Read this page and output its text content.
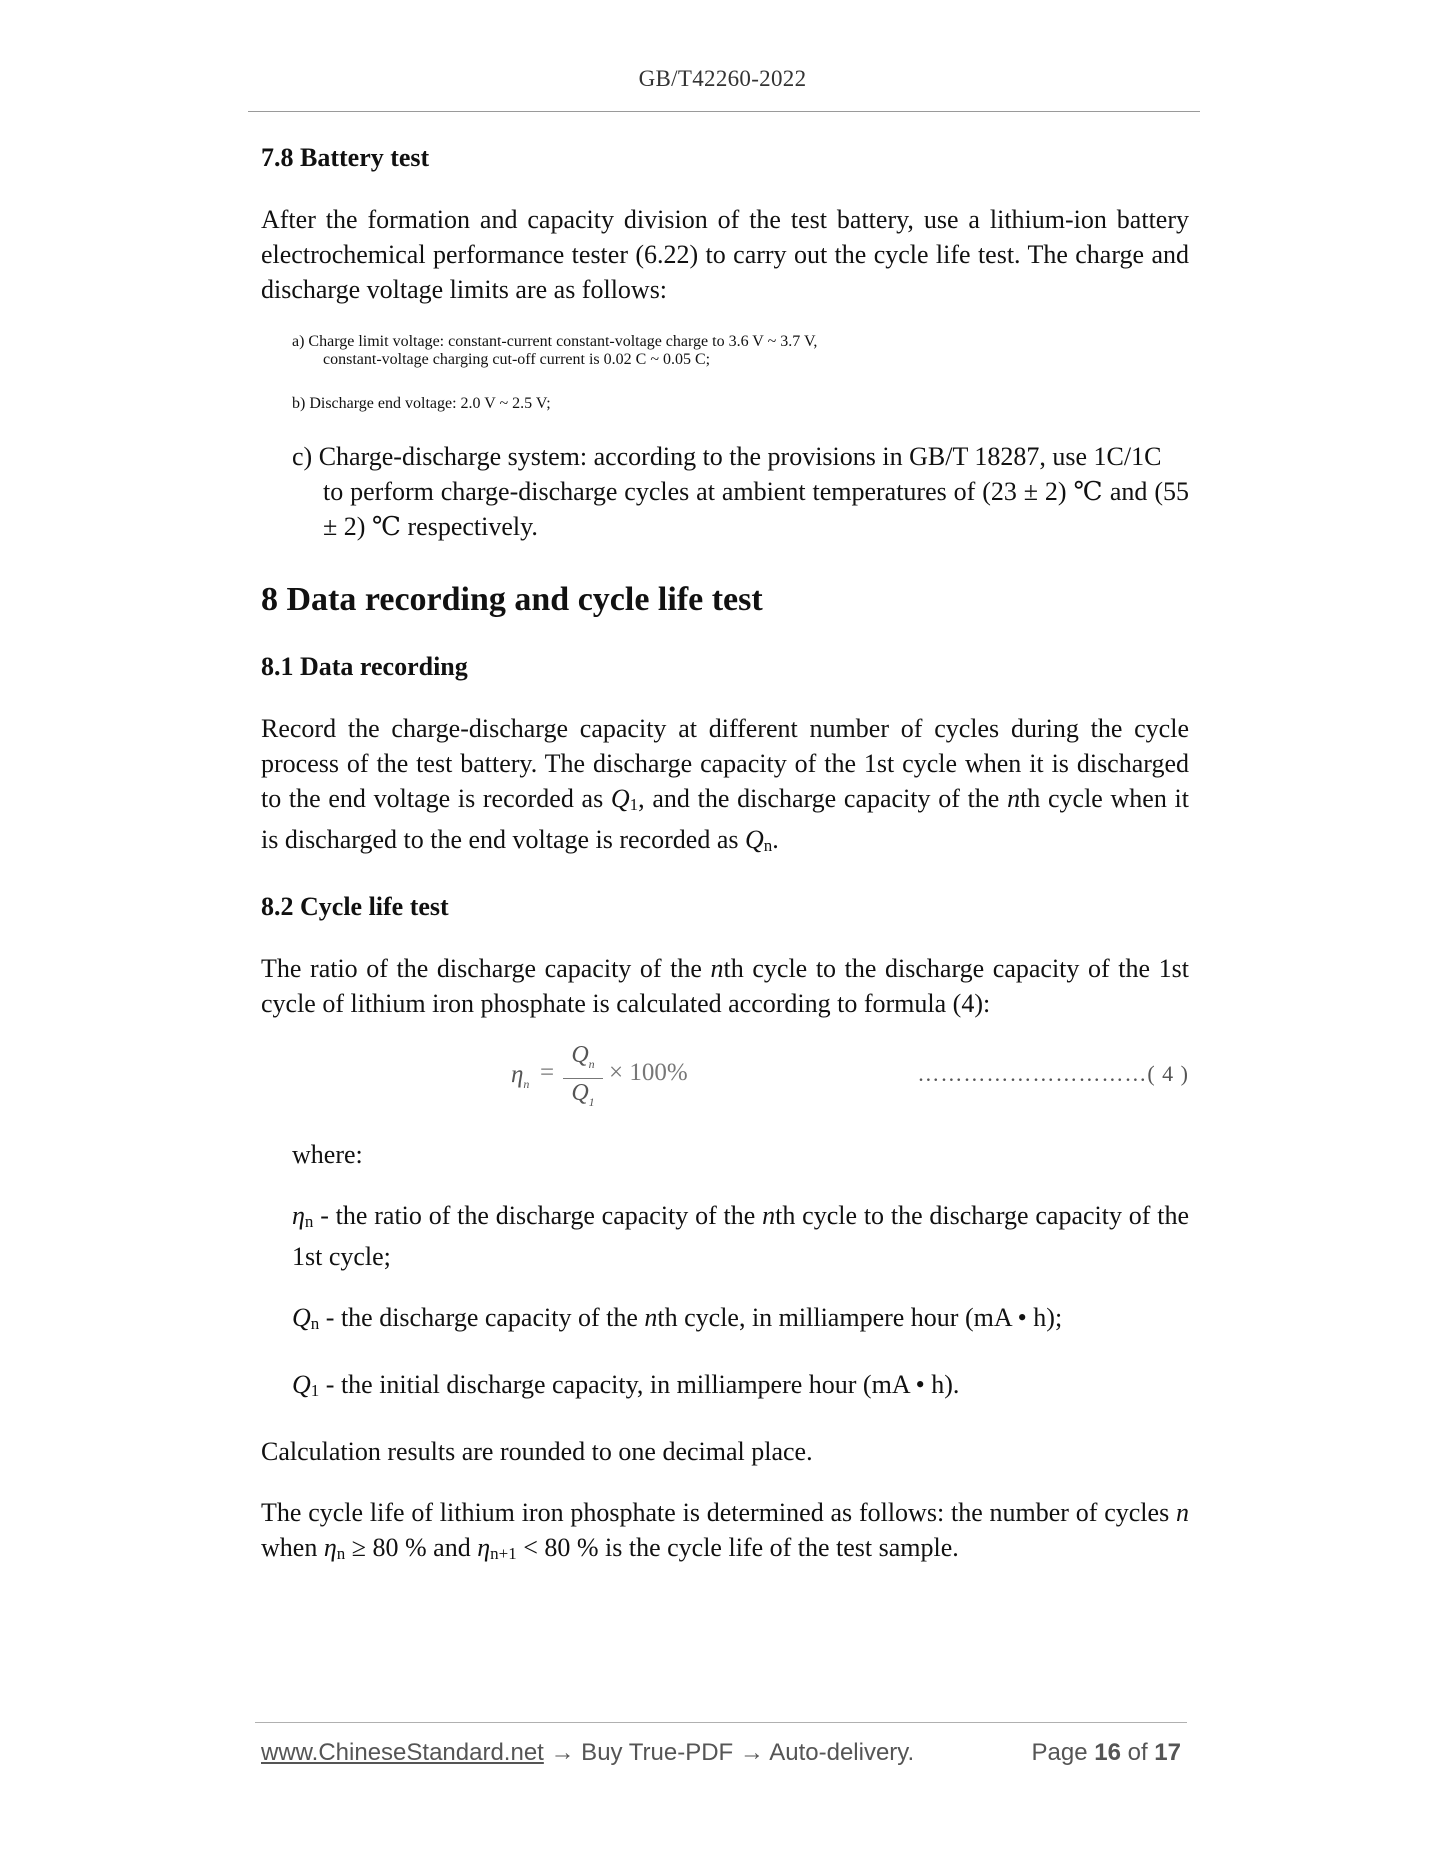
GB/T42260-2022
7.8 Battery test

After the formation and capacity division of the test battery, use a lithium-ion battery electrochemical performance tester (6.22) to carry out the cycle life test. The charge and discharge voltage limits are as follows:

a) Charge limit voltage: constant-current constant-voltage charge to 3.6 V ~ 3.7 V,
constant-voltage charging cut-off current is 0.02 C ~ 0.05 C;
b) Discharge end voltage: 2.0 V ~ 2.5 V;

c) Charge-discharge system: according to the provisions in GB/T 18287, use 1C/1C

to perform charge-discharge cycles at ambient temperatures of (23 ± 2) ℃ and (55 ± 2) ℃ respectively.

8 Data recording and cycle life test
8.1 Data recording

Record the charge-discharge capacity at different number of cycles during the cycle process of the test battery. The discharge capacity of the 1st cycle when it is discharged to the end voltage is recorded as $Q_1$, and the discharge capacity of the nth cycle when it is discharged to the end voltage is recorded as $Q_n$.

8.2 Cycle life test

The ratio of the discharge capacity of the nth cycle to the discharge capacity of the 1st cycle of lithium iron phosphate is calculated according to formula (4):

$\eta_n = \frac{Q_n}{Q_1} \times 100\%$	…………………………( 4 )

where:

$\eta_n$ - the ratio of the discharge capacity of the nth cycle to the discharge capacity of the 1st cycle;

$Q_n$ - the discharge capacity of the nth cycle, in milliampere hour (mA • h);

$Q_1$ - the initial discharge capacity, in milliampere hour (mA • h).

Calculation results are rounded to one decimal place.

The cycle life of lithium iron phosphate is determined as follows: the number of cycles n when $\eta_n \ge 80$ % and $\eta_{n+1} < 80$ % is the cycle life of the test sample.

www.ChineseStandard.net → Buy True-PDF → Auto-delivery.	Page 16 of 17
